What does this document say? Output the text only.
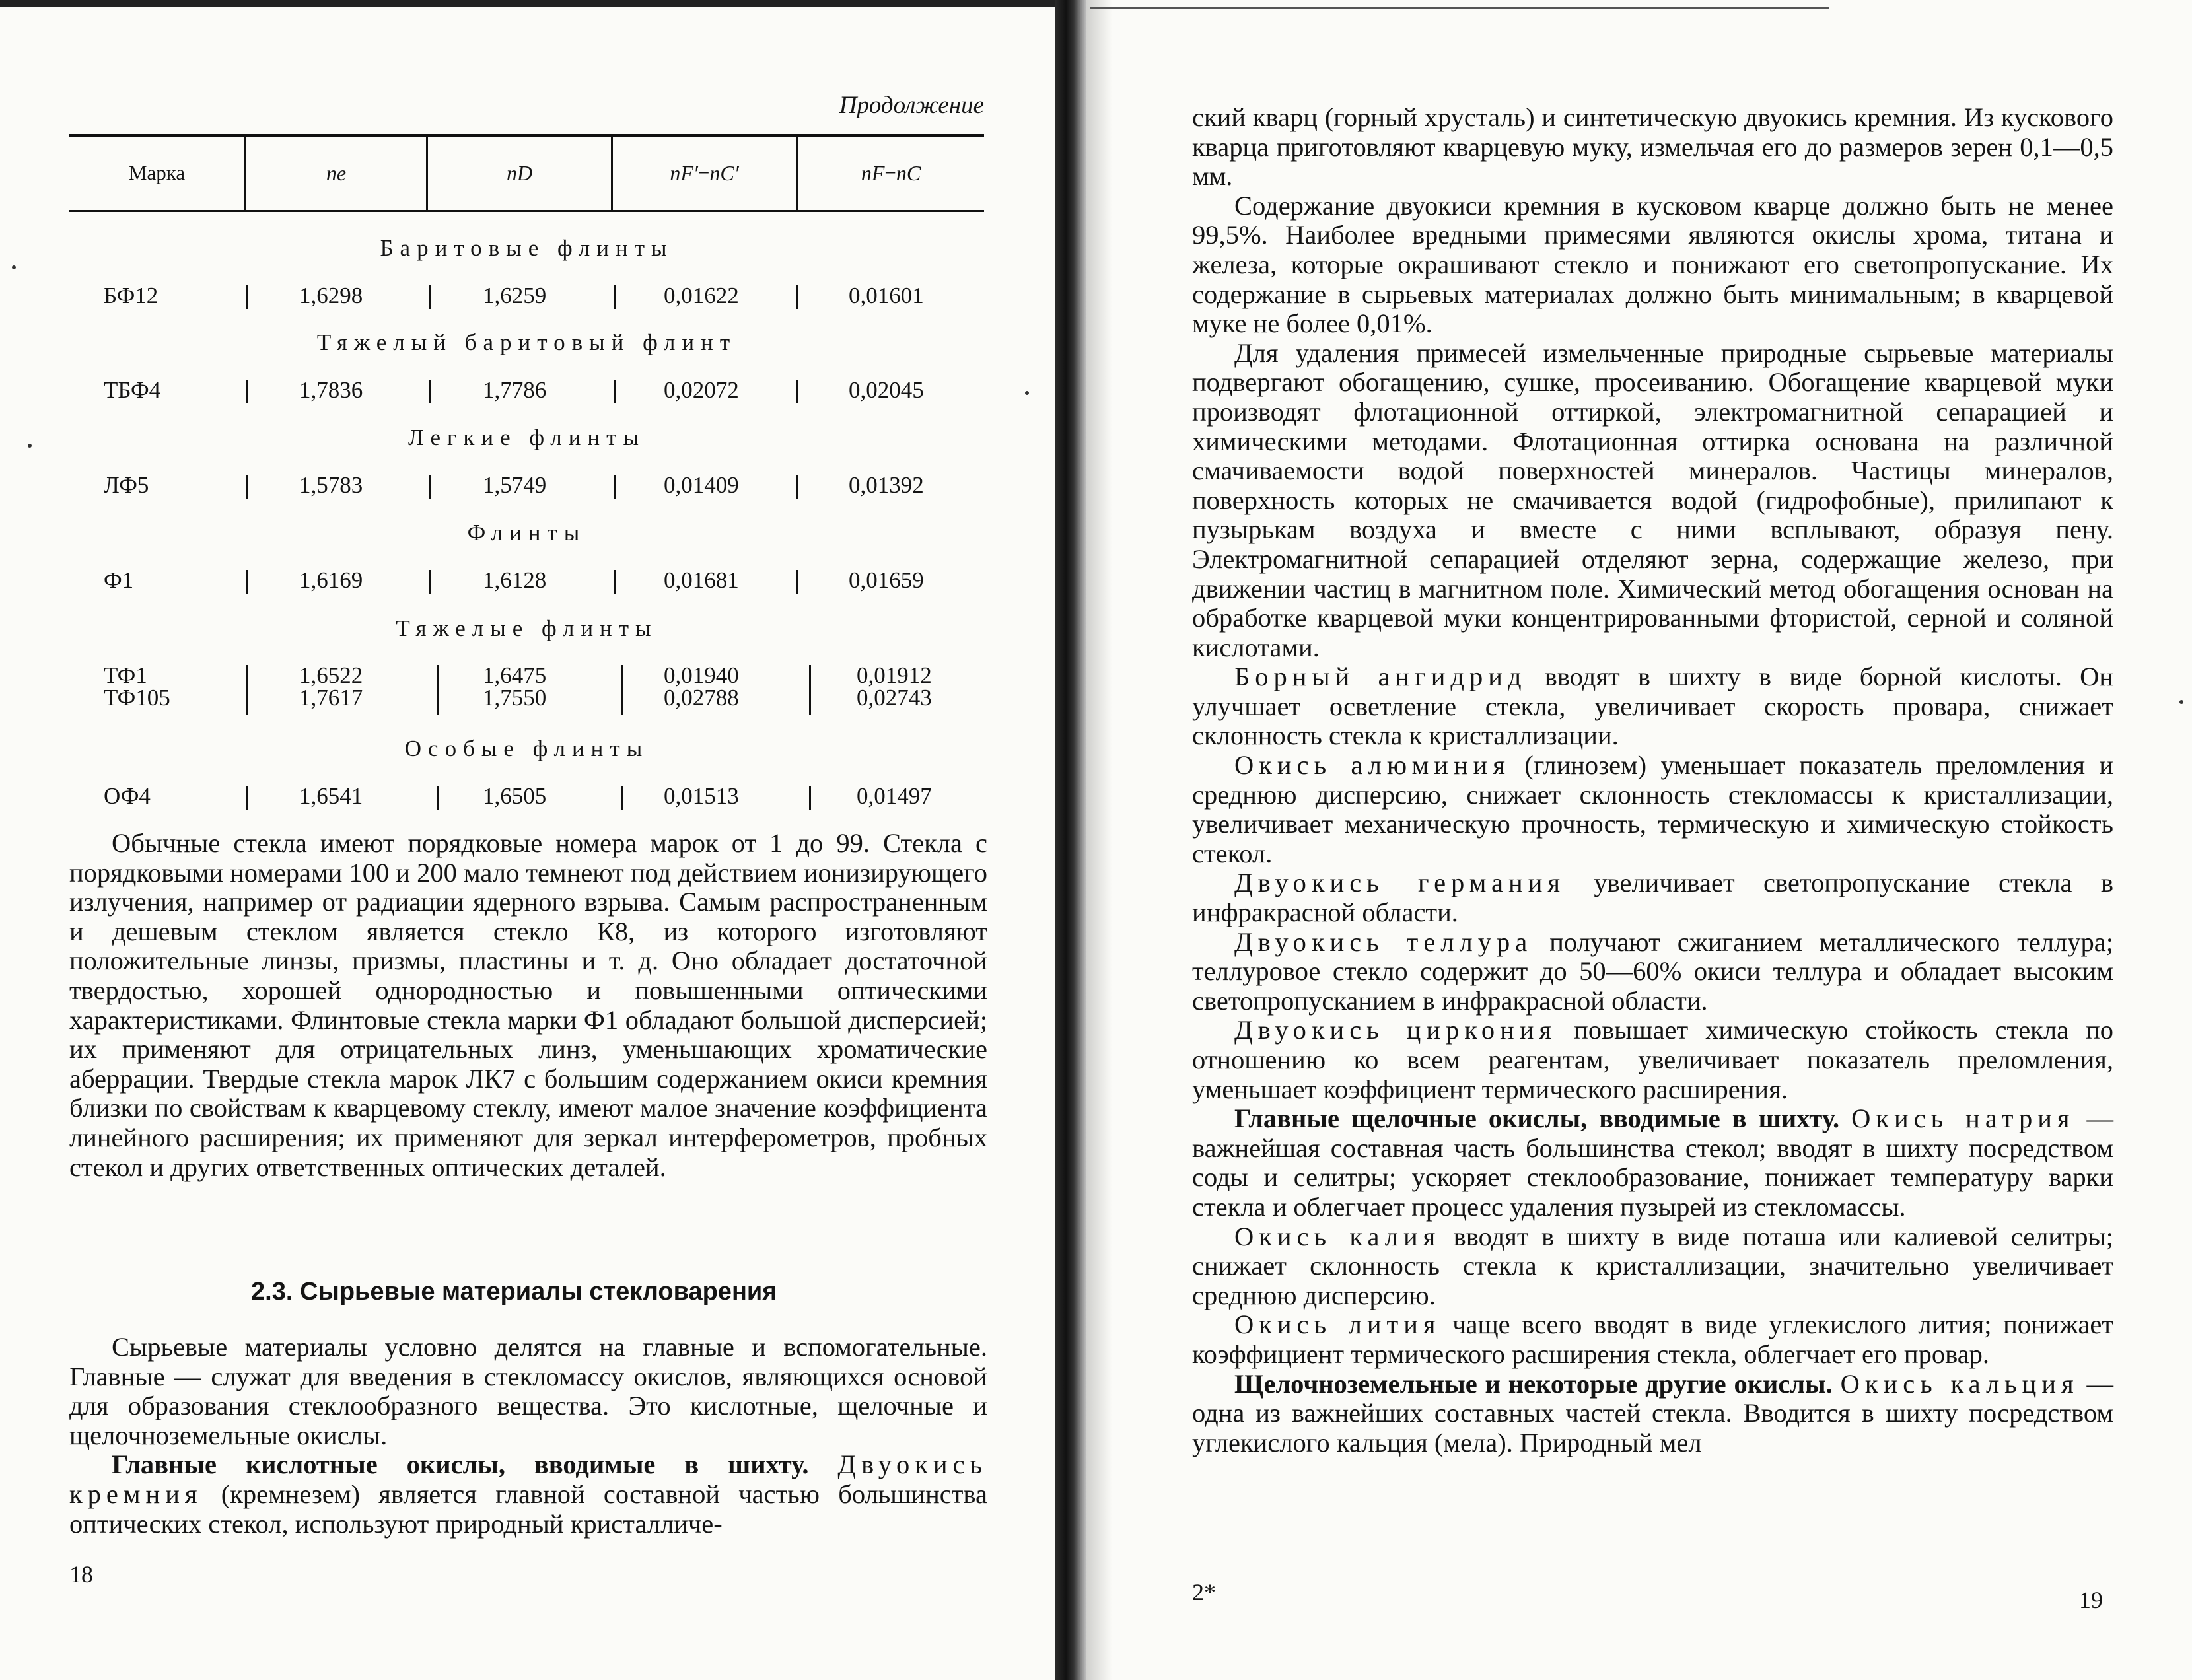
Продолжение
Марка	n e	n D	n F′ − n C′	n F − n C
Баритовые флинты
БФ12	1,6298	1,6259	0,01622	0,01601
Тяжелый баритовый флинт
ТБФ4	1,7836	1,7786	0,02072	0,02045
Легкие флинты
ЛФ5	1,5783	1,5749	0,01409	0,01392
Флинты
Ф1	1,6169	1,6128	0,01681	0,01659
Тяжелые флинты
ТФ1	1,6522	1,6475	0,01940	0,01912
ТФ105	1,7617	1,7550	0,02788	0,02743
Особые флинты
ОФ4	1,6541	1,6505	0,01513	0,01497

Обычные стекла имеют порядковые номера марок от 1 до 99. Стекла с порядковыми номерами 100 и 200 мало темнеют под действием ионизирующего излучения, например от радиации ядерного взрыва. Самым распространенным и дешевым стеклом является стекло К8, из которого изготовляют положительные линзы, призмы, пластины и т. д. Оно обладает достаточной твердостью, хорошей однородностью и повышенными оптическими характеристиками. Флинтовые стекла марки Ф1 обладают большой дисперсией; их применяют для отрицательных линз, уменьшающих хроматические аберрации. Твердые стекла марок ЛК7 с большим содержанием окиси кремния близки по свойствам к кварцевому стеклу, имеют малое значение коэффициента линейного расширения; их применяют для зеркал интерферометров, пробных стекол и других ответственных оптических деталей.

2.3. Сырьевые материалы стекловарения

Сырьевые материалы условно делятся на главные и вспомогательные. Главные — служат для введения в стекломассу окислов, являющихся основой для образования стеклообразного вещества. Это кислотные, щелочные и щелочноземельные окислы.

Главные кислотные окислы, вводимые в шихту. Двуокись кремния (кремнезем) является главной составной частью большинства оптических стекол, используют природный кристалличе-

18

ский кварц (горный хрусталь) и синтетическую двуокись кремния. Из кускового кварца приготовляют кварцевую муку, измельчая его до размеров зерен 0,1—0,5 мм.

Содержание двуокиси кремния в кусковом кварце должно быть не менее 99,5%. Наиболее вредными примесями являются окислы хрома, титана и железа, которые окрашивают стекло и понижают его светопропускание. Их содержание в сырьевых материалах должно быть минимальным; в кварцевой муке не более 0,01%.

Для удаления примесей измельченные природные сырьевые материалы подвергают обогащению, сушке, просеиванию. Обогащение кварцевой муки производят флотационной оттиркой, электромагнитной сепарацией и химическими методами. Флотационная оттирка основана на различной смачиваемости водой поверхностей минералов. Частицы минералов, поверхность которых не смачивается водой (гидрофобные), прилипают к пузырькам воздуха и вместе с ними всплывают, образуя пену. Электромагнитной сепарацией отделяют зерна, содержащие железо, при движении частиц в магнитном поле. Химический метод обогащения основан на обработке кварцевой муки концентрированными фтористой, серной и соляной кислотами.

Борный ангидрид вводят в шихту в виде борной кислоты. Он улучшает осветление стекла, увеличивает скорость провара, снижает склонность стекла к кристаллизации.

Окись алюминия (глинозем) уменьшает показатель преломления и среднюю дисперсию, снижает склонность стекломассы к кристаллизации, увеличивает механическую прочность, термическую и химическую стойкость стекол.

Двуокись германия увеличивает светопропускание стекла в инфракрасной области.

Двуокись теллура получают сжиганием металлического теллура; теллуровое стекло содержит до 50—60% окиси теллура и обладает высоким светопропусканием в инфракрасной области.

Двуокись циркония повышает химическую стойкость стекла по отношению ко всем реагентам, увеличивает показатель преломления, уменьшает коэффициент термического расширения.

Главные щелочные окислы, вводимые в шихту. Окись натрия — важнейшая составная часть большинства стекол; вводят в шихту посредством соды и селитры; ускоряет стеклообразование, понижает температуру варки стекла и облегчает процесс удаления пузырей из стекломассы.

Окись калия вводят в шихту в виде поташа или калиевой селитры; снижает склонность стекла к кристаллизации, значительно увеличивает среднюю дисперсию.

Окись лития чаще всего вводят в виде углекислого лития; понижает коэффициент термического расширения стекла, облегчает его провар.

Щелочноземельные и некоторые другие окислы. Окись кальция — одна из важнейших составных частей стекла. Вводится в шихту посредством углекислого кальция (мела). Природный мел

2*	19
